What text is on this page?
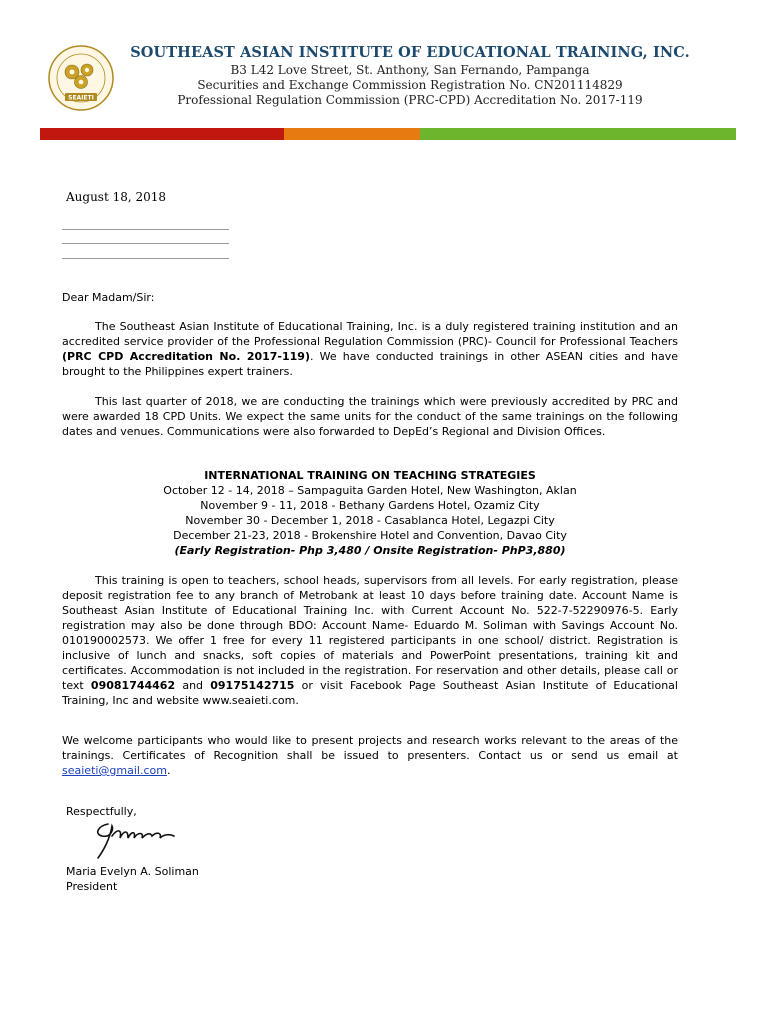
SEAIETI
SOUTHEAST ASIAN INSTITUTE OF EDUCATIONAL TRAINING, INC.
B3 L42 Love Street, St. Anthony, San Fernando, Pampanga
Securities and Exchange Commission Registration No. CN201114829
Professional Regulation Commission (PRC-CPD) Accreditation No. 2017-119
August 18, 2018
Dear Madam/Sir:
The Southeast Asian Institute of Educational Training, Inc. is a duly registered training institution and an accredited service provider of the Professional Regulation Commission (PRC)- Council for Professional Teachers (PRC CPD Accreditation No. 2017-119). We have conducted trainings in other ASEAN cities and have brought to the Philippines expert trainers.
This last quarter of 2018, we are conducting the trainings which were previously accredited by PRC and were awarded 18 CPD Units. We expect the same units for the conduct of the same trainings on the following dates and venues. Communications were also forwarded to DepEd’s Regional and Division Offices.
INTERNATIONAL TRAINING ON TEACHING STRATEGIES
October 12 - 14, 2018 – Sampaguita Garden Hotel, New Washington, Aklan
November 9 - 11, 2018 - Bethany Gardens Hotel, Ozamiz City
November 30 - December 1, 2018 - Casablanca Hotel, Legazpi City
December 21-23, 2018 - Brokenshire Hotel and Convention, Davao City
(Early Registration- Php 3,480 / Onsite Registration- PhP3,880)
This training is open to teachers, school heads, supervisors from all levels. For early registration, please deposit registration fee to any branch of Metrobank at least 10 days before training date. Account Name is Southeast Asian Institute of Educational Training Inc. with Current Account No. 522-7-52290976-5. Early registration may also be done through BDO: Account Name- Eduardo M. Soliman with Savings Account No. 010190002573. We offer 1 free for every 11 registered participants in one school/ district. Registration is inclusive of lunch and snacks, soft copies of materials and PowerPoint presentations, training kit and certificates. Accommodation is not included in the registration. For reservation and other details, please call or text 09081744462 and 09175142715 or visit Facebook Page Southeast Asian Institute of Educational Training, Inc and website www.seaieti.com.
We welcome participants who would like to present projects and research works relevant to the areas of the trainings. Certificates of Recognition shall be issued to presenters. Contact us or send us email at seaieti@gmail.com.
Respectfully,
Maria Evelyn A. Soliman
President
